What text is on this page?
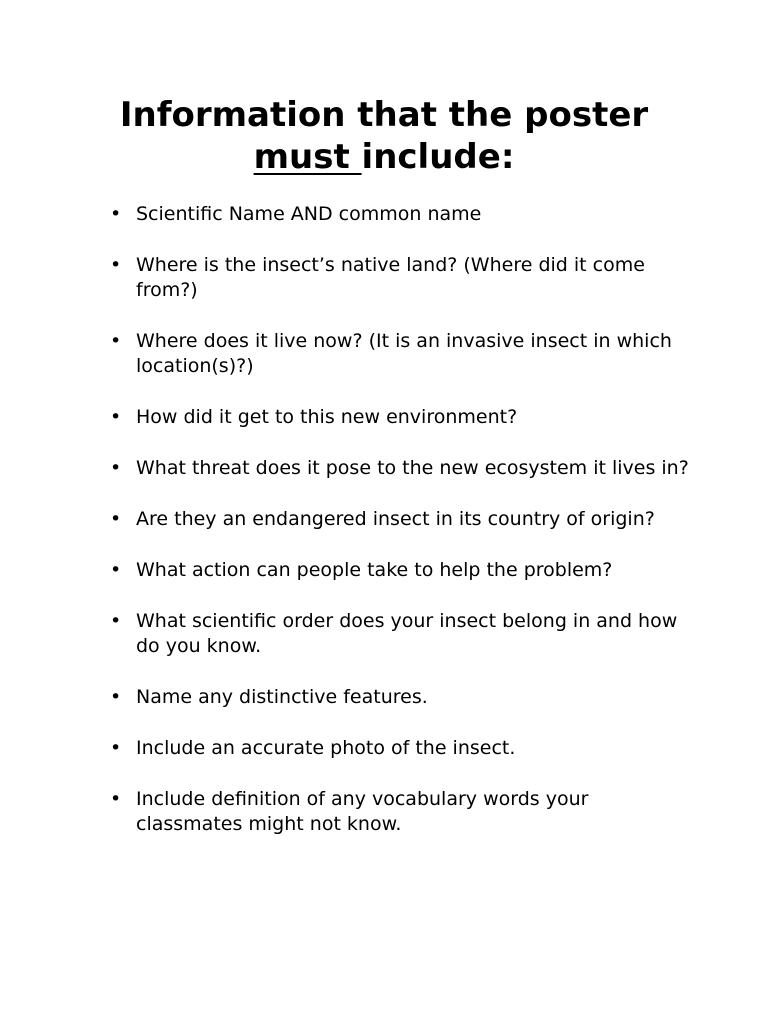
Information that the poster
must include:
• Scientific Name AND common name
• Where is the insect’s native land? (Where did it come from?)
• Where does it live now? (It is an invasive insect in which location(s)?)
• How did it get to this new environment?
• What threat does it pose to the new ecosystem it lives in?
• Are they an endangered insect in its country of origin?
• What action can people take to help the problem?
• What scientific order does your insect belong in and how do you know.
• Name any distinctive features.
• Include an accurate photo of the insect.
• Include definition of any vocabulary words your classmates might not know.
